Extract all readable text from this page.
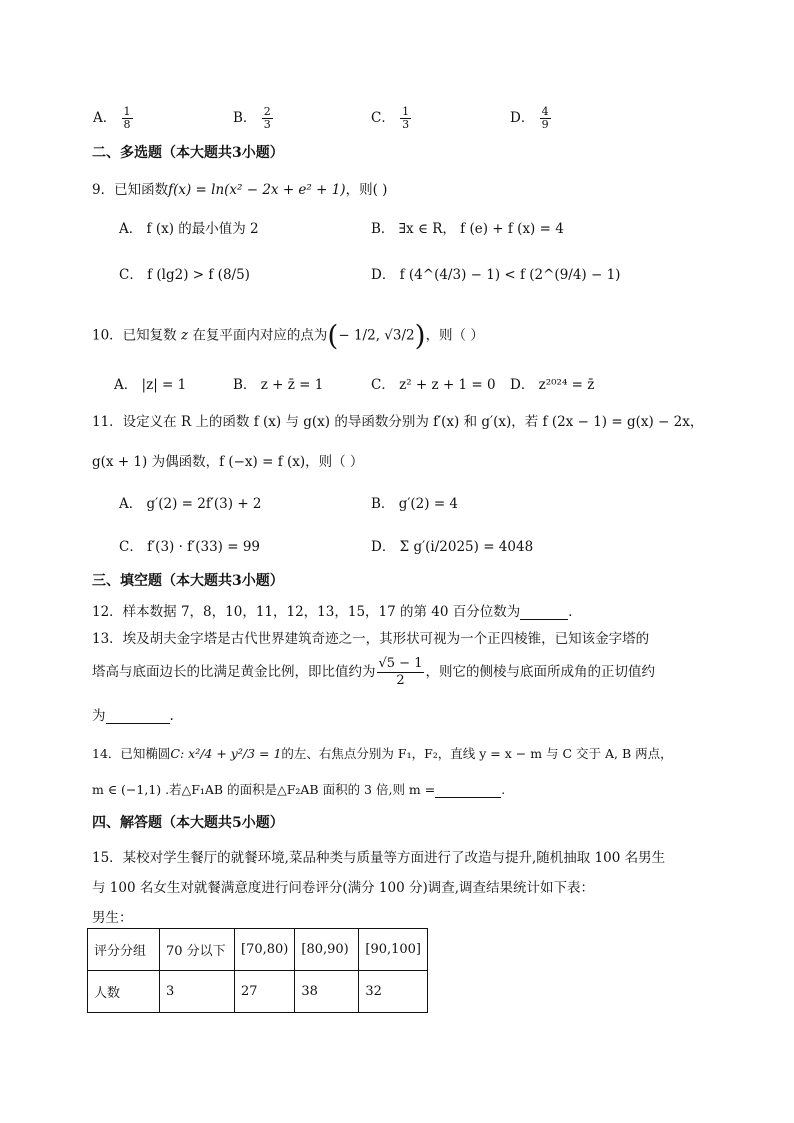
A． $\frac{1}{8}$	B． $\frac{2}{3}$	C． $\frac{1}{3}$	D． $\frac{4}{9}$
二、多选题（本大题共3小题）
9．已知函数f(x) = ln(x² − 2x + e² + 1)，则( )
A． f (x) 的最小值为 2	B． ∃x ∈ R， f (e) + f (x) = 4
C． f (lg2) > f (8/5)	D． f (4^(4/3) − 1) < f (2^(9/4) − 1)
10．已知复数 z 在复平面内对应的点为(− 1/2, √3/2)，则（ ）
A． |z| = 1	B． z + z̄ = 1	C． z² + z + 1 = 0 D． z²⁰²⁴ = z̄
11．设定义在 R 上的函数 f (x) 与 g(x) 的导函数分别为 f′(x) 和 g′(x)，若 f (2x − 1) = g(x) − 2x，
g(x + 1) 为偶函数，f (−x) = f (x)，则（ ）
A． g′(2) = 2f′(3) + 2	B． g′(2) = 4
C． f′(3) · f′(33) = 99	D． Σ g′(i/2025) = 4048
三、填空题（本大题共3小题）
12．样本数据 7，8，10，11，12，13，15，17 的第 40 百分位数为	．
13．埃及胡夫金字塔是古代世界建筑奇迹之一，其形状可视为一个正四棱锥，已知该金字塔的
塔高与底面边长的比满足黄金比例，即比值约为 $\frac{√5 - 1}{2}$ ，则它的侧棱与底面所成角的正切值约
为	.
14．已知椭圆C: x²/4 + y²/3 = 1的左、右焦点分别为 F₁，F₂，直线 y = x − m 与 C 交于 A, B 两点，
m ∈ (−1,1) .若△F₁AB 的面积是△F₂AB 面积的 3 倍,则 m =	.
四、解答题（本大题共5小题）
15．某校对学生餐厅的就餐环境,菜品种类与质量等方面进行了改造与提升,随机抽取 100 名男生
与 100 名女生对就餐满意度进行问卷评分(满分 100 分)调查,调查结果统计如下表：
男生：
评分分组	70 分以下	[70,80)	[80,90)	[90,100]
人数	3	27	38	32
